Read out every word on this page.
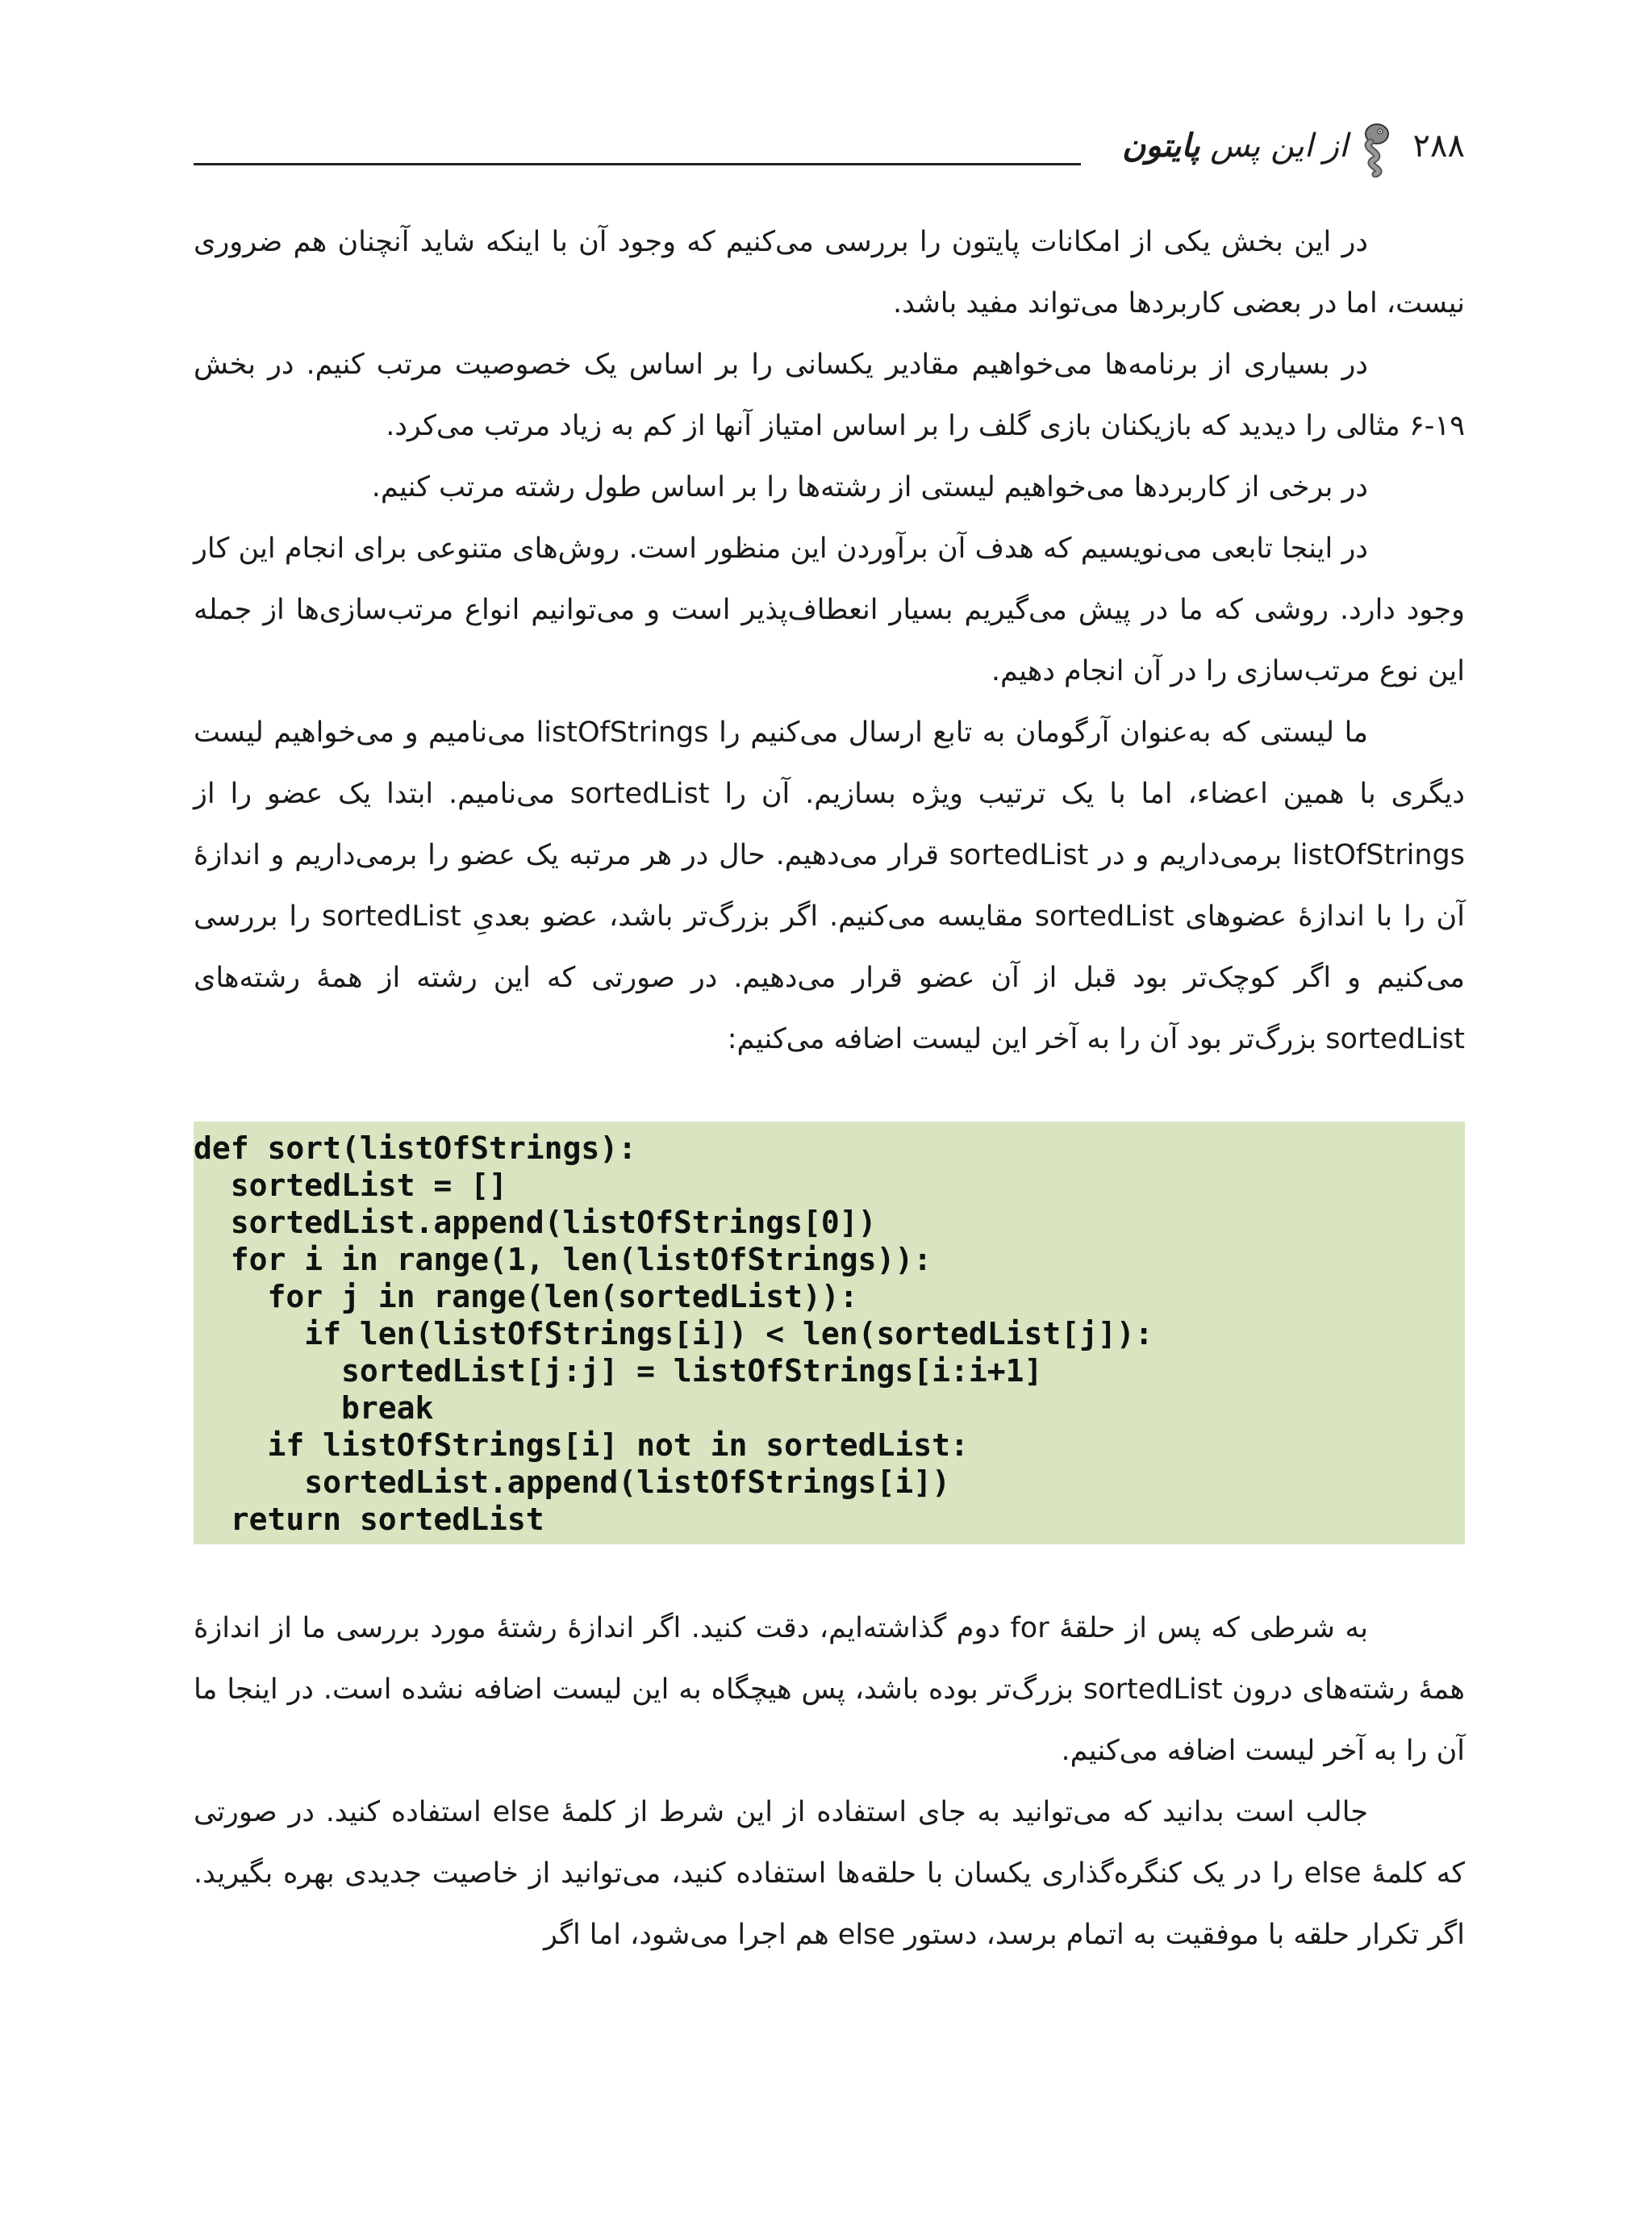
از این پس پایتون	۲۸۸

در این بخش یکی از امکانات پایتون را بررسی می‌کنیم که وجود آن با اینکه شاید آنچنان هم ضروری نیست، اما در بعضی کاربردها می‌تواند مفید باشد.

در بسیاری از برنامه‌ها می‌خواهیم مقادیر یکسانی را بر اساس یک خصوصیت مرتب کنیم. در بخش ۱۹-۶ مثالی را دیدید که بازیکنان بازی گلف را بر اساس امتیاز آنها از کم به زیاد مرتب می‌کرد.

در برخی از کاربردها می‌خواهیم لیستی از رشته‌ها را بر اساس طول رشته مرتب کنیم.

در اینجا تابعی می‌نویسیم که هدف آن برآوردن این منظور است. روش‌های متنوعی برای انجام این کار وجود دارد. روشی که ما در پیش می‌گیریم بسیار انعطاف‌پذیر است و می‌توانیم انواع مرتب‌سازی‌ها از جمله این نوع مرتب‌سازی را در آن انجام دهیم.

ما لیستی که به‌عنوان آرگومان به تابع ارسال می‌کنیم را listOfStrings می‌نامیم و می‌خواهیم لیست دیگری با همین اعضاء، اما با یک ترتیب ویژه بسازیم. آن را sortedList می‌نامیم. ابتدا یک عضو را از listOfStrings برمی‌داریم و در sortedList قرار می‌دهیم. حال در هر مرتبه یک عضو را برمی‌داریم و اندازهٔ آن را با اندازهٔ عضوهای sortedList مقایسه می‌کنیم. اگر بزرگ‌تر باشد، عضو بعدیِ sortedList را بررسی می‌کنیم و اگر کوچک‌تر بود قبل از آن عضو قرار می‌دهیم. در صورتی که این رشته از همهٔ رشته‌های sortedList بزرگ‌تر بود آن را به آخر این لیست اضافه می‌کنیم:

def sort(listOfStrings):
sortedList = []
sortedList.append(listOfStrings[0])
for i in range(1, len(listOfStrings)):
for j in range(len(sortedList)):
if len(listOfStrings[i]) < len(sortedList[j]):
sortedList[j:j] = listOfStrings[i:i+1]
break
if listOfStrings[i] not in sortedList:
sortedList.append(listOfStrings[i])
return sortedList

به شرطی که پس از حلقهٔ for دوم گذاشته‌ایم، دقت کنید. اگر اندازهٔ رشتهٔ مورد بررسی ما از اندازهٔ همهٔ رشته‌های درون sortedList بزرگ‌تر بوده باشد، پس هیچگاه به این لیست اضافه نشده است. در اینجا ما آن را به آخر لیست اضافه می‌کنیم.

جالب است بدانید که می‌توانید به جای استفاده از این شرط از کلمهٔ else استفاده کنید. در صورتی که کلمهٔ else را در یک کنگره‌گذاری یکسان با حلقه‌ها استفاده کنید، می‌توانید از خاصیت جدیدی بهره بگیرید. اگر تکرار حلقه با موفقیت به اتمام برسد، دستور else هم اجرا می‌شود، اما اگر
